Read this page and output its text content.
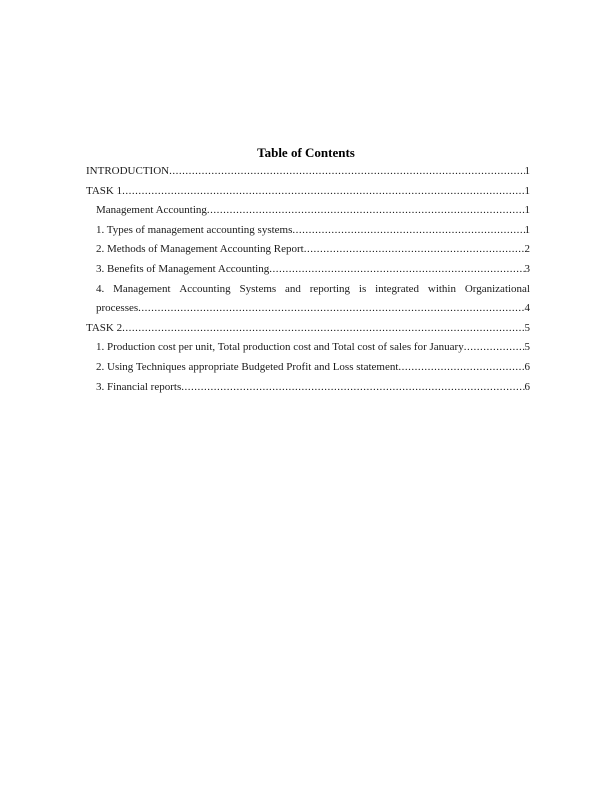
Table of Contents
INTRODUCTION .....	1
TASK 1 .....	1
Management Accounting .....	1
1. Types of management accounting systems .....	1
2. Methods of Management Accounting Report .....	2
3. Benefits of Management Accounting .....	3
4. Management Accounting Systems and reporting is integrated within Organizational
processes .....	4
TASK 2 .....	5
1. Production cost per unit, Total production cost and Total cost of sales for January .....	5
2. Using Techniques appropriate Budgeted Profit and Loss statement .....	6
3. Financial reports .....	6
